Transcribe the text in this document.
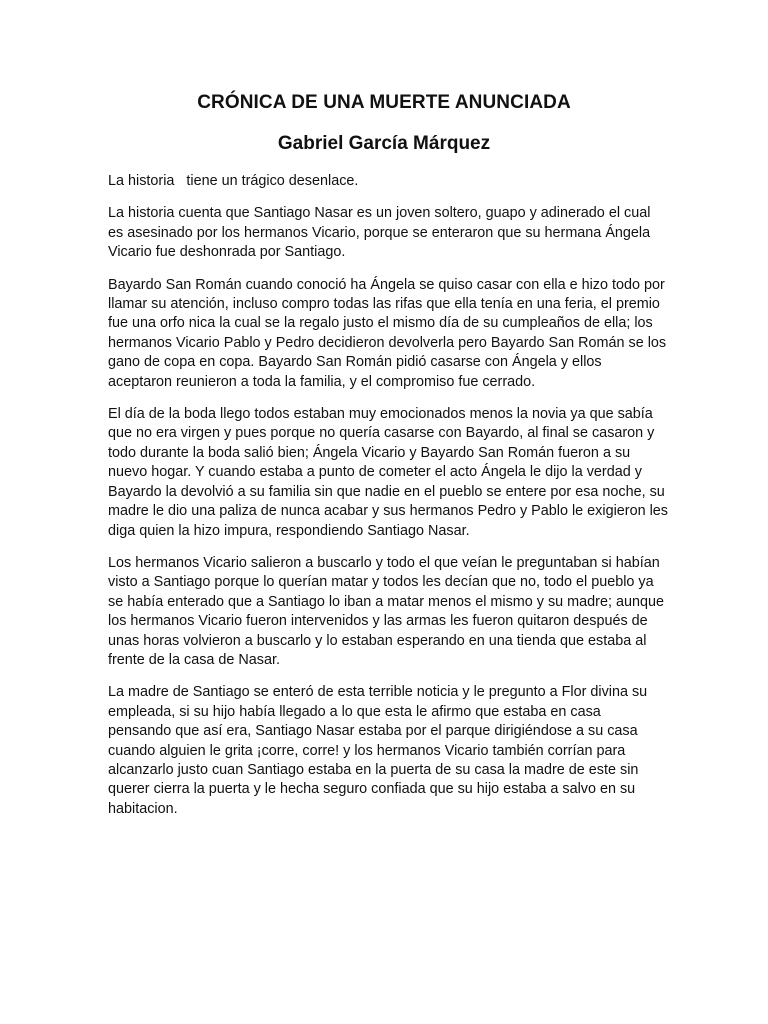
CRÓNICA DE UNA MUERTE ANUNCIADA
Gabriel García Márquez

La historia   tiene un trágico desenlace.

La historia cuenta que Santiago Nasar es un joven soltero, guapo y adinerado el cual es asesinado por los hermanos Vicario, porque se enteraron que su hermana Ángela Vicario fue deshonrada por Santiago.

Bayardo San Román cuando conoció ha Ángela se quiso casar con ella e hizo todo por llamar su atención, incluso compro todas las rifas que ella tenía en una feria, el premio fue una orfo nica la cual se la regalo justo el mismo día de su cumpleaños de ella; los hermanos Vicario Pablo y Pedro decidieron devolverla pero Bayardo San Román se los gano de copa en copa. Bayardo San Román pidió casarse con Ángela y ellos aceptaron reunieron a toda la familia, y el compromiso fue cerrado.

El día de la boda llego todos estaban muy emocionados menos la novia ya que sabía que no era virgen y pues porque no quería casarse con Bayardo, al final se casaron y todo durante la boda salió bien; Ángela Vicario y Bayardo San Román fueron a su nuevo hogar. Y cuando estaba a punto de cometer el acto Ángela le dijo la verdad y Bayardo la devolvió a su familia sin que nadie en el pueblo se entere por esa noche, su madre le dio una paliza de nunca acabar y sus hermanos Pedro y Pablo le exigieron les diga quien la hizo impura, respondiendo Santiago Nasar.

Los hermanos Vicario salieron a buscarlo y todo el que veían le preguntaban si habían visto a Santiago porque lo querían matar y todos les decían que no, todo el pueblo ya se había enterado que a Santiago lo iban a matar menos el mismo y su madre; aunque los hermanos Vicario fueron intervenidos y las armas les fueron quitaron después de unas horas volvieron a buscarlo y lo estaban esperando en una tienda que estaba al frente de la casa de Nasar.

La madre de Santiago se enteró de esta terrible noticia y le pregunto a Flor divina su empleada, si su hijo había llegado a lo que esta le afirmo que estaba en casa pensando que así era, Santiago Nasar estaba por el parque dirigiéndose a su casa cuando alguien le grita ¡corre, corre! y los hermanos Vicario también corrían para alcanzarlo justo cuan Santiago estaba en la puerta de su casa la madre de este sin querer cierra la puerta y le hecha seguro confiada que su hijo estaba a salvo en su habitacion.
